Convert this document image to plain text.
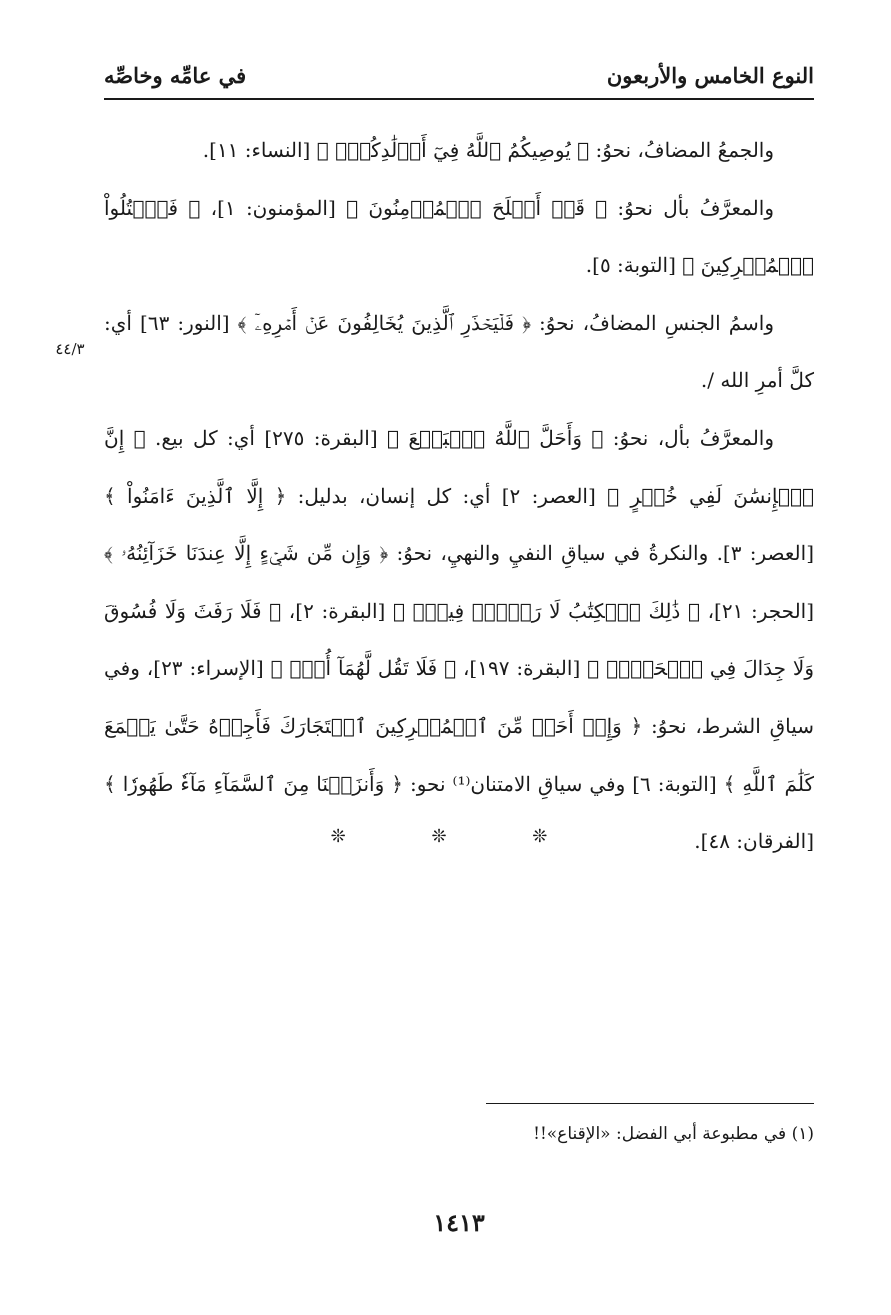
النوع الخامس والأربعون
في عامِّه وخاصِّه
٤٤/٣

والجمعُ المضافُ، نحوُ: ﴿ يُوصِيكُمُ ٱللَّهُ فِيٓ أَوۡلَٰدِكُمۡۖ ﴾ [النساء: ١١].

والمعرَّفُ بأل نحوُ: ﴿ قَدۡ أَفۡلَحَ ٱلۡمُؤۡمِنُونَ ﴾ [المؤمنون: ١]، ﴿ فَٱقۡتُلُواْ ٱلۡمُشۡرِكِينَ ﴾ [التوبة: ٥].

واسمُ الجنسِ المضافُ، نحوُ: ﴿ فَلۡيَحۡذَرِ ٱلَّذِينَ يُخَالِفُونَ عَنۡ أَمۡرِهِۦٓ ﴾ [النور: ٦٣] أي: كلَّ أمرِ الله /.

والمعرَّفُ بأل، نحوُ: ﴿ وَأَحَلَّ ٱللَّهُ ٱلۡبَيۡعَ ﴾ [البقرة: ٢٧٥] أي: كل بيع. ﴿ إِنَّ ٱلۡإِنسَٰنَ لَفِي خُسۡرٍ ﴾ [العصر: ٢] أي: كل إنسان، بدليل: ﴿ إِلَّا ٱلَّذِينَ ءَامَنُواْ ﴾ [العصر: ٣]. والنكرةُ في سياقِ النفيِ والنهيِ، نحوُ: ﴿ وَإِن مِّن شَيۡءٍ إِلَّا عِندَنَا خَزَآئِنُهُۥ ﴾ [الحجر: ٢١]، ﴿ ذَٰلِكَ ٱلۡكِتَٰبُ لَا رَيۡبَۛ فِيهِۛ ﴾ [البقرة: ٢]، ﴿ فَلَا رَفَثَ وَلَا فُسُوقَ وَلَا جِدَالَ فِي ٱلۡحَجِّۗ ﴾ [البقرة: ١٩٧]، ﴿ فَلَا تَقُل لَّهُمَآ أُفّٖ ﴾ [الإسراء: ٢٣]، وفي سياقِ الشرط، نحوُ: ﴿ وَإِنۡ أَحَدٞ مِّنَ ٱلۡمُشۡرِكِينَ ٱسۡتَجَارَكَ فَأَجِرۡهُ حَتَّىٰ يَسۡمَعَ كَلَٰمَ ٱللَّهِ ﴾ [التوبة: ٦] وفي سياقِ الامتنان⁽¹⁾ نحو: ﴿ وَأَنزَلۡنَا مِنَ ٱلسَّمَآءِ مَآءٗ طَهُورٗا ﴾ [الفرقان: ٤٨].

❊ ❊ ❊
(١) في مطبوعة أبي الفضل: «الإقناع»!!
١٤١٣
